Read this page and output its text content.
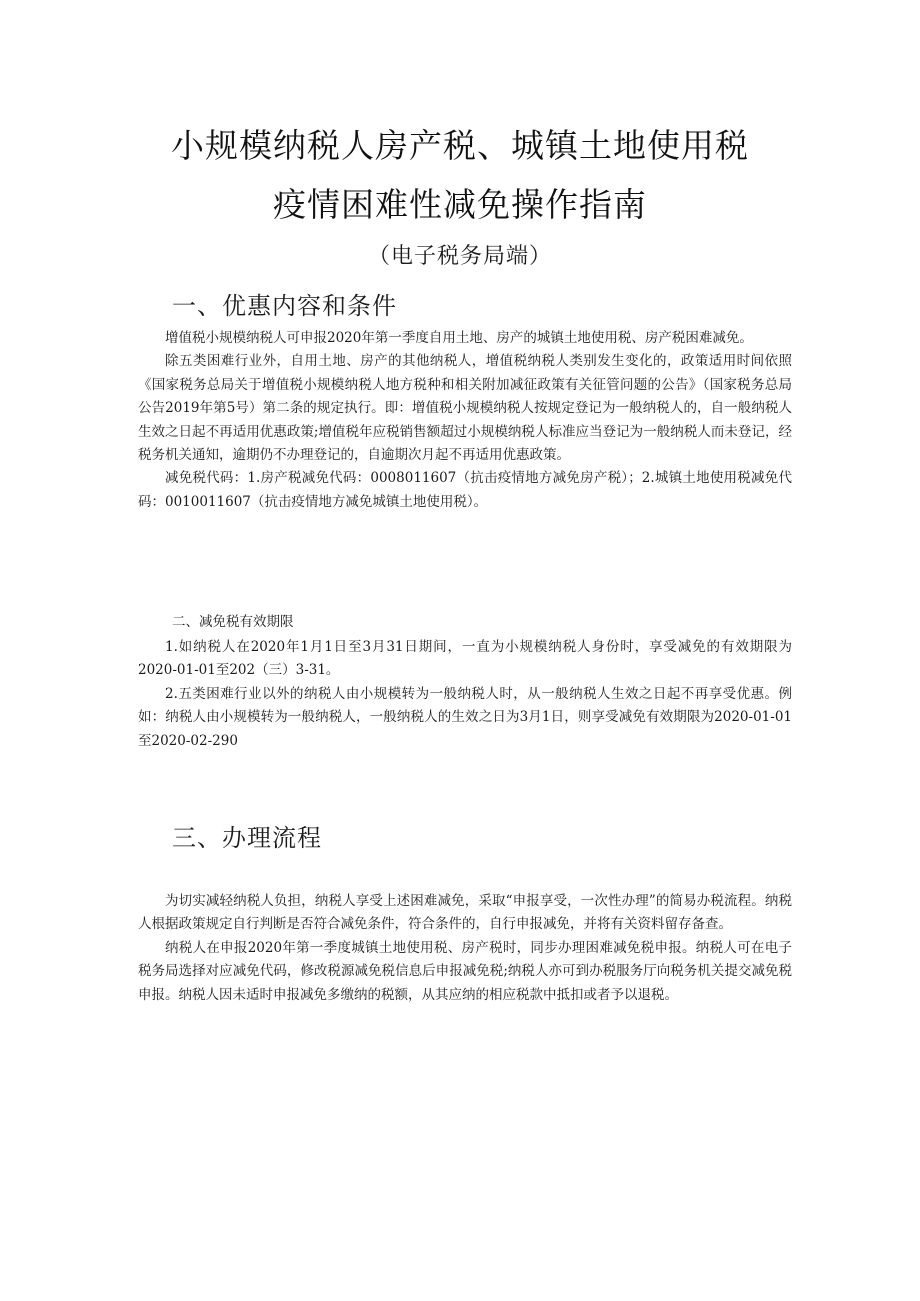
小规模纳税人房产税、城镇土地使用税
疫情困难性减免操作指南
（电子税务局端）
一、优惠内容和条件

增值税小规模纳税人可申报2020年第一季度自用土地、房产的城镇土地使用税、房产税困难减免。

除五类困难行业外，自用土地、房产的其他纳税人，增值税纳税人类别发生变化的，政策适用时间依照《国家税务总局关于增值税小规模纳税人地方税种和相关附加减征政策有关征管问题的公告》（国家税务总局公告2019年第5号）第二条的规定执行。即：增值税小规模纳税人按规定登记为一般纳税人的，自一般纳税人生效之日起不再适用优惠政策;增值税年应税销售额超过小规模纳税人标准应当登记为一般纳税人而未登记，经税务机关通知，逾期仍不办理登记的，自逾期次月起不再适用优惠政策。

减免税代码：1.房产税减免代码：0008011607（抗击疫情地方减免房产税）；2.城镇土地使用税减免代码：0010011607（抗击疫情地方减免城镇土地使用税）。

二、减免税有效期限

1.如纳税人在2020年1月1日至3月31日期间，一直为小规模纳税人身份时，享受减免的有效期限为2020-01-01至202（三）3-31。

2.五类困难行业以外的纳税人由小规模转为一般纳税人时，从一般纳税人生效之日起不再享受优惠。例如：纳税人由小规模转为一般纳税人，一般纳税人的生效之日为3月1日，则享受减免有效期限为2020-01-01至2020-02-290

三、办理流程

为切实减轻纳税人负担，纳税人享受上述困难减免，采取“申报享受，一次性办理”的简易办税流程。纳税人根据政策规定自行判断是否符合减免条件，符合条件的，自行申报减免，并将有关资料留存备查。

纳税人在申报2020年第一季度城镇土地使用税、房产税时，同步办理困难减免税申报。纳税人可在电子税务局选择对应减免代码，修改税源减免税信息后申报减免税;纳税人亦可到办税服务厅向税务机关提交减免税申报。纳税人因未适时申报减免多缴纳的税额，从其应纳的相应税款中抵扣或者予以退税。
